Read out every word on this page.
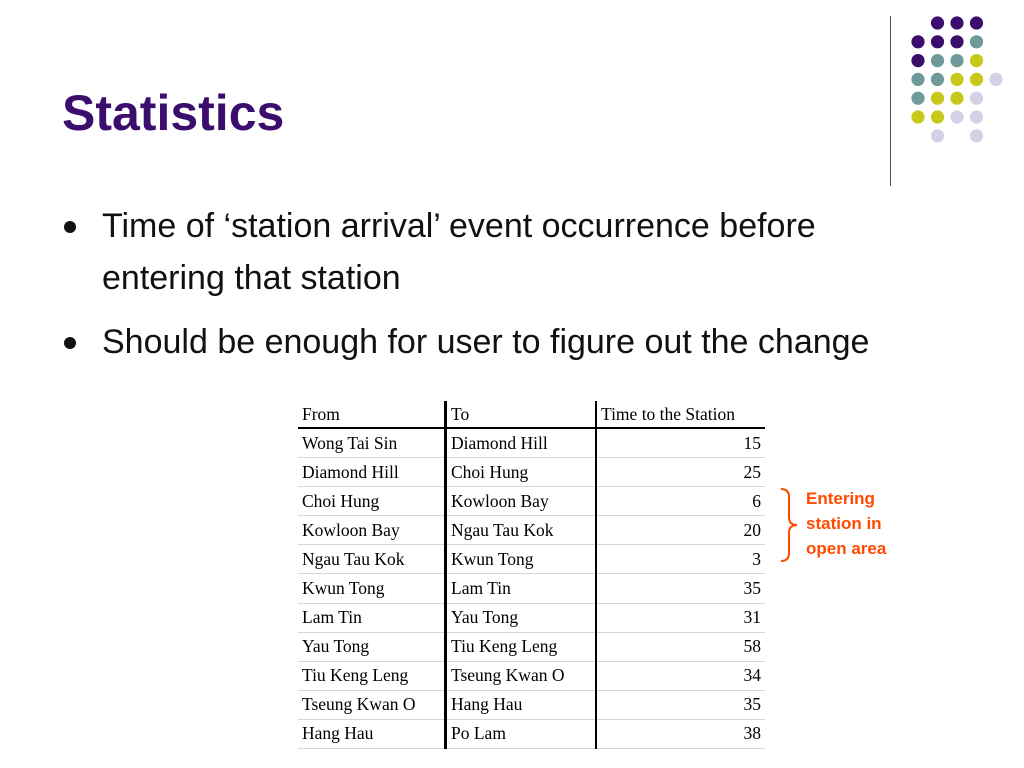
Statistics
Time of ‘station arrival’ event occurrence before entering that station
Should be enough for user to figure out the change
From	To	Time to the Station
Wong Tai Sin	Diamond Hill	15
Diamond Hill	Choi Hung	25
Choi Hung	Kowloon Bay	6
Kowloon Bay	Ngau Tau Kok	20
Ngau Tau Kok	Kwun Tong	3
Kwun Tong	Lam Tin	35
Lam Tin	Yau Tong	31
Yau Tong	Tiu Keng Leng	58
Tiu Keng Leng	Tseung Kwan O	34
Tseung Kwan O	Hang Hau	35
Hang Hau	Po Lam	38
Entering
station in
open area
